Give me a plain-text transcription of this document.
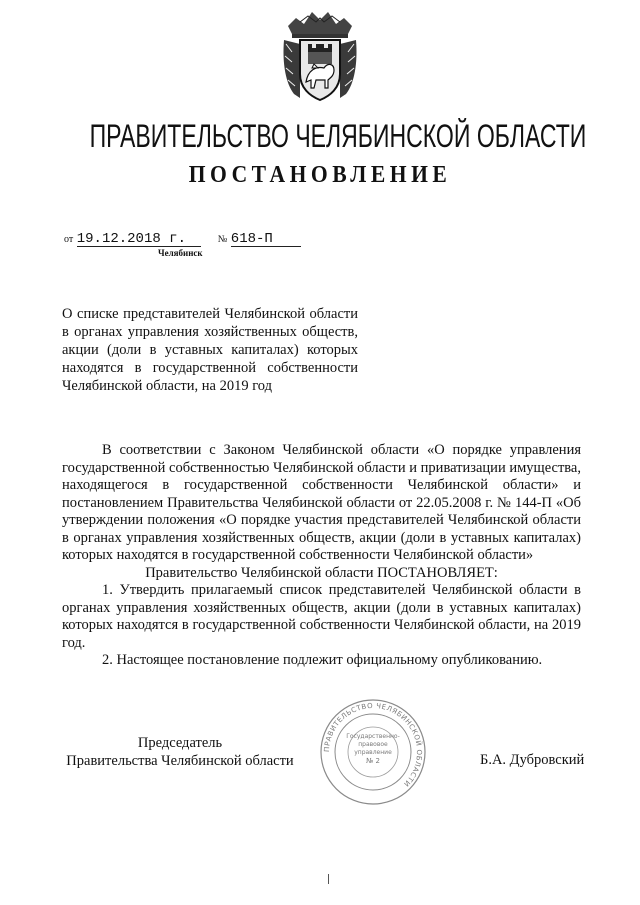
ПРАВИТЕЛЬСТВО ЧЕЛЯБИНСКОЙ ОБЛАСТИ
ПОСТАНОВЛЕНИЕ
от 19.12.2018 г.	№ 618-П
Челябинск
О списке представителей Челябинской области в органах управления хозяйственных обществ, акции (доли в уставных капиталах) которых находятся в государственной собственности Челябинской области, на 2019 год

В соответствии с Законом Челябинской области «О порядке управления государственной собственностью Челябинской области и приватизации имущества, находящегося в государственной собственности Челябинской области» и постановлением Правительства Челябинской области от 22.05.2008 г. № 144-П «Об утверждении положения «О порядке участия представителей Челябинской области в органах управления хозяйственных обществ, акции (доли в уставных капиталах) которых находятся в государственной собственности Челябинской области»

Правительство Челябинской области ПОСТАНОВЛЯЕТ:

1. Утвердить прилагаемый список представителей Челябинской области в органах управления хозяйственных обществ, акции (доли в уставных капиталах) которых находятся в государственной собственности Челябинской области, на 2019 год.

2. Настоящее постановление подлежит официальному опубликованию.

ПРАВИТЕЛЬСТВО ЧЕЛЯБИНСКОЙ ОБЛАСТИ
Государственно-
правовое
управление
№ 2
Председатель
Правительства Челябинской области	Б.А. Дубровский
